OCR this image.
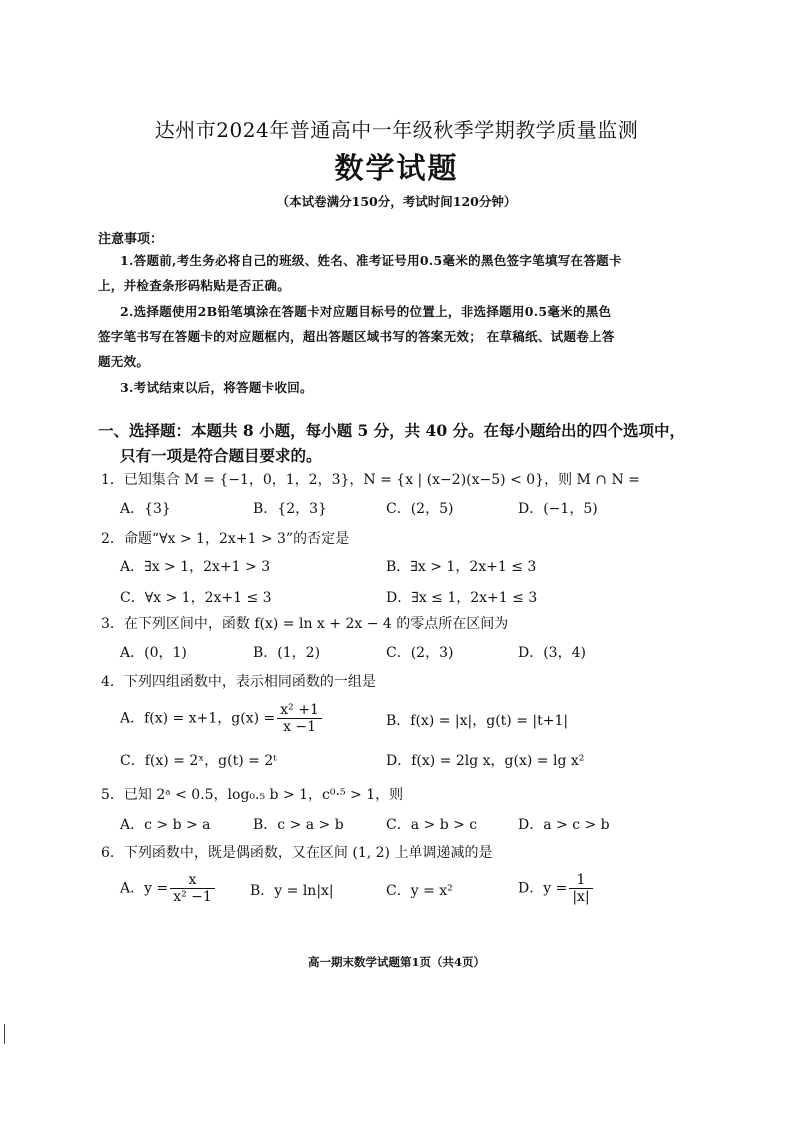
达州市2024年普通高中一年级秋季学期教学质量监测
数学试题
（本试卷满分150分，考试时间120分钟）
注意事项：
1.答题前,考生务必将自己的班级、姓名、准考证号用0.5毫米的黑色签字笔填写在答题卡
上，并检查条形码粘贴是否正确。
2.选择题使用2B铅笔填涂在答题卡对应题目标号的位置上，非选择题用0.5毫米的黑色
签字笔书写在答题卡的对应题框内，超出答题区域书写的答案无效； 在草稿纸、试题卷上答
题无效。
3.考试结束以后，将答题卡收回。
一、选择题：本题共 8 小题，每小题 5 分，共 40 分。在每小题给出的四个选项中，
只有一项是符合题目要求的。
1．已知集合 M = {−1，0，1，2，3}，N = {x | (x−2)(x−5) < 0}，则 M ∩ N =
A．{3}	B．{2，3}	C．(2，5)	D．(−1，5)
2．命题“∀x > 1，2x+1 > 3”的否定是
A．∃x > 1，2x+1 > 3	B．∃x > 1，2x+1 ≤ 3
C．∀x > 1，2x+1 ≤ 3	D．∃x ≤ 1，2x+1 ≤ 3
3．在下列区间中，函数 f(x) = ln x + 2x − 4 的零点所在区间为
A．(0，1)	B．(1，2)	C．(2，3)	D．(3，4)
4．下列四组函数中，表示相同函数的一组是
A．f(x) = x+1，$g(x) = \frac{\text{x² +1}}{x -1}$	B．f(x) = |x|，g(t) = |t+1|
C．f(x) = 2ˣ，g(t) = 2ᵗ	D．f(x) = 2lg x，g(x) = lg x²
5．已知 2ᵃ < 0.5，log₀.₅ b > 1，c⁰·⁵ > 1，则
A．c > b > a	B．c > a > b	C．a > b > c	D．a > c > b
6．下列函数中，既是偶函数，又在区间 (1, 2) 上单调递减的是
A．$y = \frac{x}{\text{x² −1}}$	B．y = ln|x|	C．y = x²	D．$y = \frac{1}{|x|}$
高一期末数学试题第1页（共4页）
